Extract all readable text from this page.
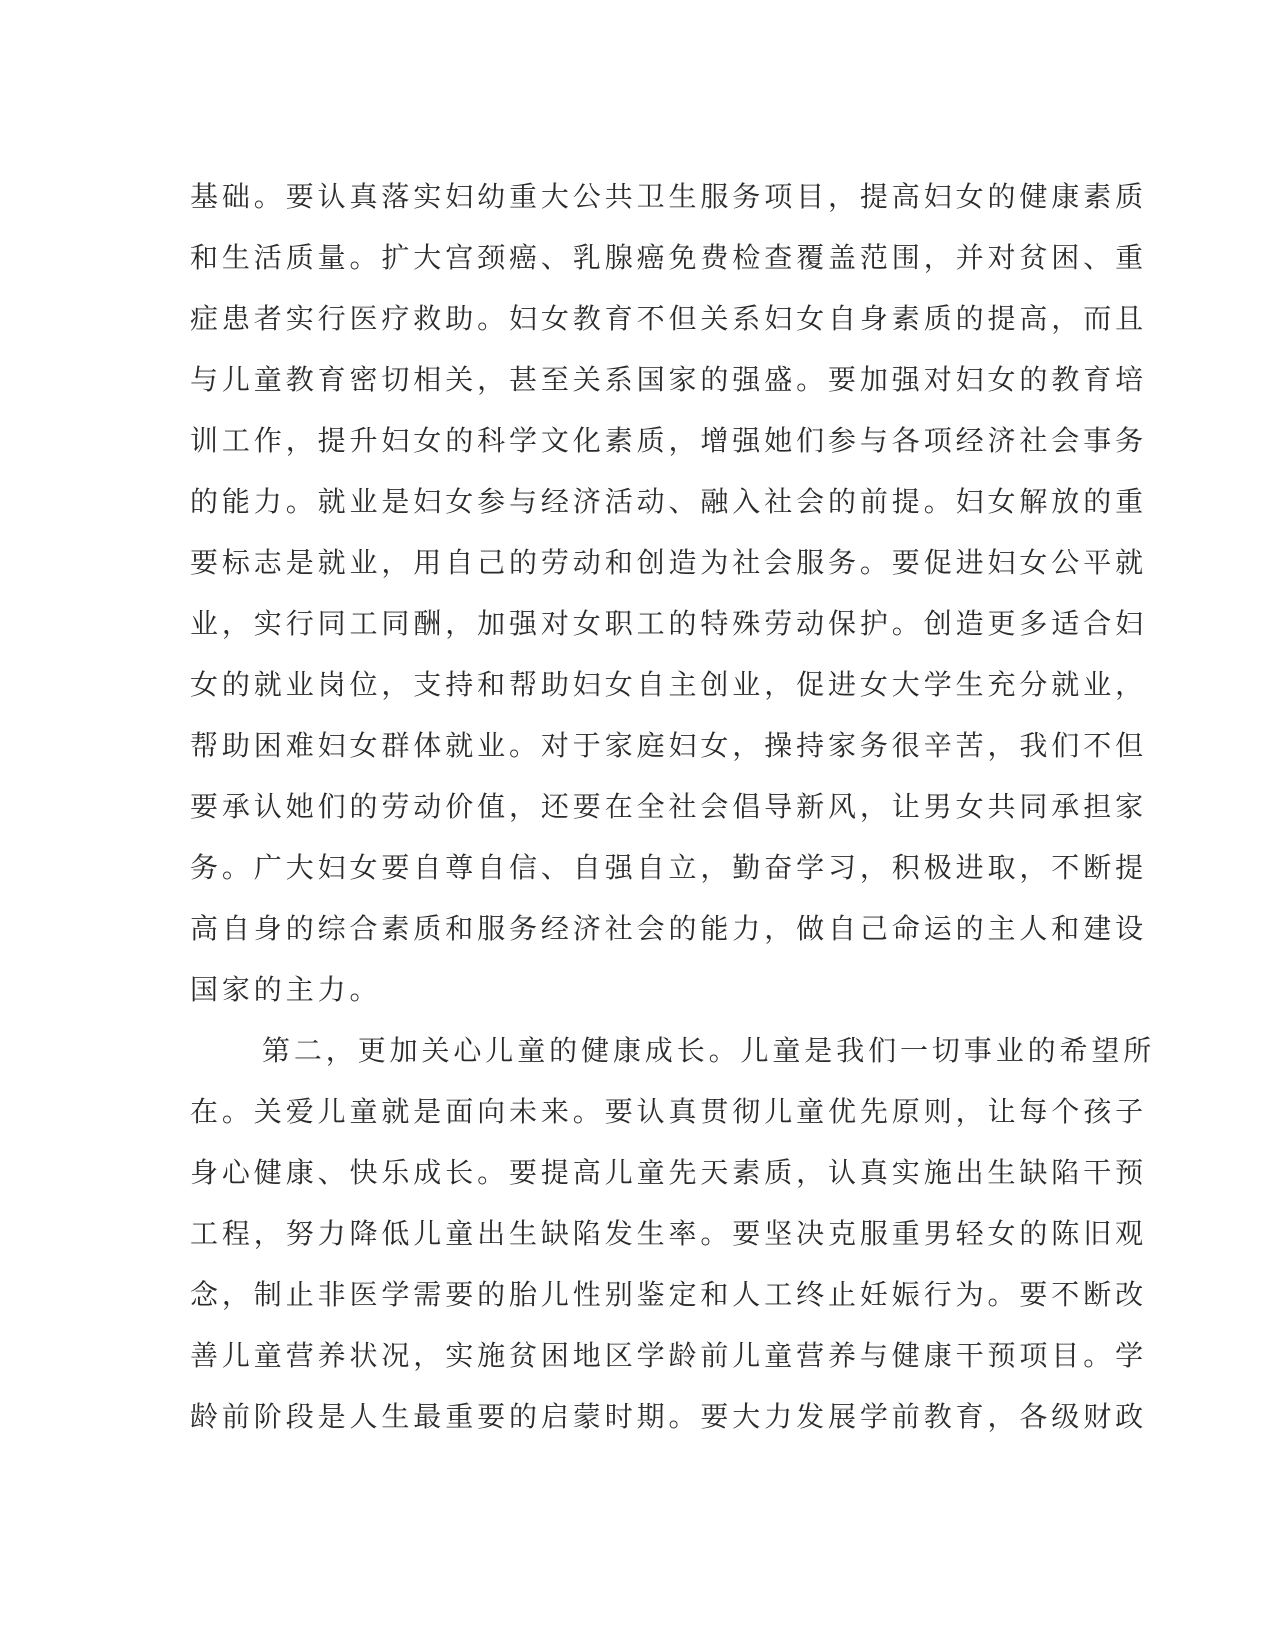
基础。要认真落实妇幼重大公共卫生服务项目，提高妇女的健康素质
和生活质量。扩大宫颈癌、乳腺癌免费检查覆盖范围，并对贫困、重
症患者实行医疗救助。妇女教育不但关系妇女自身素质的提高，而且
与儿童教育密切相关，甚至关系国家的强盛。要加强对妇女的教育培
训工作，提升妇女的科学文化素质，增强她们参与各项经济社会事务
的能力。就业是妇女参与经济活动、融入社会的前提。妇女解放的重
要标志是就业，用自己的劳动和创造为社会服务。要促进妇女公平就
业，实行同工同酬，加强对女职工的特殊劳动保护。创造更多适合妇
女的就业岗位，支持和帮助妇女自主创业，促进女大学生充分就业，
帮助困难妇女群体就业。对于家庭妇女，操持家务很辛苦，我们不但
要承认她们的劳动价值，还要在全社会倡导新风，让男女共同承担家
务。广大妇女要自尊自信、自强自立，勤奋学习，积极进取，不断提
高自身的综合素质和服务经济社会的能力，做自己命运的主人和建设
国家的主力。
第二，更加关心儿童的健康成长。儿童是我们一切事业的希望所
在。关爱儿童就是面向未来。要认真贯彻儿童优先原则，让每个孩子
身心健康、快乐成长。要提高儿童先天素质，认真实施出生缺陷干预
工程，努力降低儿童出生缺陷发生率。要坚决克服重男轻女的陈旧观
念，制止非医学需要的胎儿性别鉴定和人工终止妊娠行为。要不断改
善儿童营养状况，实施贫困地区学龄前儿童营养与健康干预项目。学
龄前阶段是人生最重要的启蒙时期。要大力发展学前教育，各级财政
